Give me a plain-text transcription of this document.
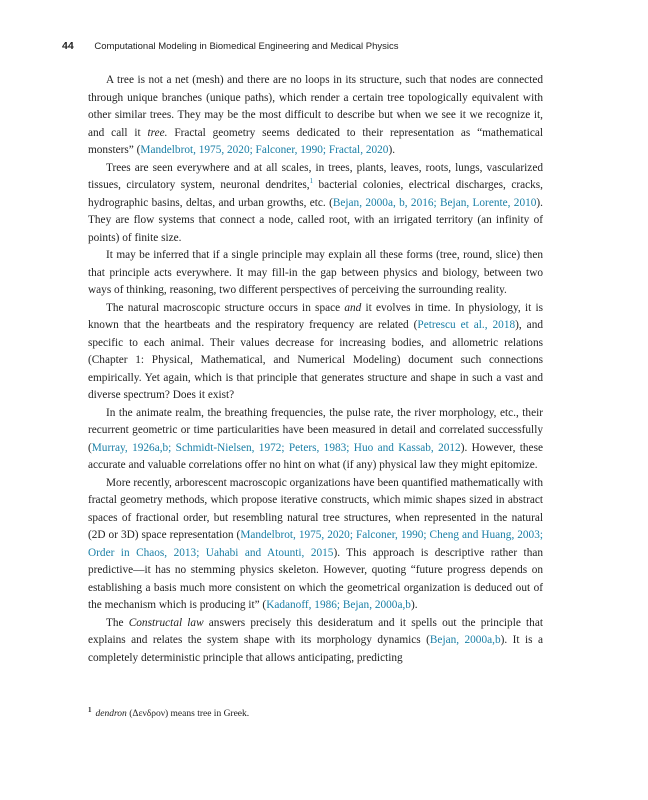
44 Computational Modeling in Biomedical Engineering and Medical Physics

A tree is not a net (mesh) and there are no loops in its structure, such that nodes are connected through unique branches (unique paths), which render a certain tree topologically equivalent with other similar trees. They may be the most difficult to describe but when we see it we recognize it, and call it tree. Fractal geometry seems dedicated to their representation as “mathematical monsters” (Mandelbrot, 1975, 2020; Falconer, 1990; Fractal, 2020).

Trees are seen everywhere and at all scales, in trees, plants, leaves, roots, lungs, vascularized tissues, circulatory system, neuronal dendrites,$^1$ bacterial colonies, electrical discharges, cracks, hydrographic basins, deltas, and urban growths, etc. (Bejan, 2000a, b, 2016; Bejan, Lorente, 2010). They are flow systems that connect a node, called root, with an irrigated territory (an infinity of points) of finite size.

It may be inferred that if a single principle may explain all these forms (tree, round, slice) then that principle acts everywhere. It may fill-in the gap between physics and biology, between two ways of thinking, reasoning, two different perspectives of perceiving the surrounding reality.

The natural macroscopic structure occurs in space and it evolves in time. In physiology, it is known that the heartbeats and the respiratory frequency are related (Petrescu et al., 2018), and specific to each animal. Their values decrease for increasing bodies, and allometric relations (Chapter 1: Physical, Mathematical, and Numerical Modeling) document such connections empirically. Yet again, which is that principle that generates structure and shape in such a vast and diverse spectrum? Does it exist?

In the animate realm, the breathing frequencies, the pulse rate, the river morphology, etc., their recurrent geometric or time particularities have been measured in detail and correlated successfully (Murray, 1926a,b; Schmidt-Nielsen, 1972; Peters, 1983; Huo and Kassab, 2012). However, these accurate and valuable correlations offer no hint on what (if any) physical law they might epitomize.

More recently, arborescent macroscopic organizations have been quantified mathematically with fractal geometry methods, which propose iterative constructs, which mimic shapes sized in abstract spaces of fractional order, but resembling natural tree structures, when represented in the natural (2D or 3D) space representation (Mandelbrot, 1975, 2020; Falconer, 1990; Cheng and Huang, 2003; Order in Chaos, 2013; Uahabi and Atounti, 2015). This approach is descriptive rather than predictive—it has no stemming physics skeleton. However, quoting “future progress depends on establishing a basis much more consistent on which the geometrical organization is deduced out of the mechanism which is producing it” (Kadanoff, 1986; Bejan, 2000a,b).

The Constructal law answers precisely this desideratum and it spells out the principle that explains and relates the system shape with its morphology dynamics (Bejan, 2000a,b). It is a completely deterministic principle that allows anticipating, predicting

$^1$ dendron (Δενδρον) means tree in Greek.
